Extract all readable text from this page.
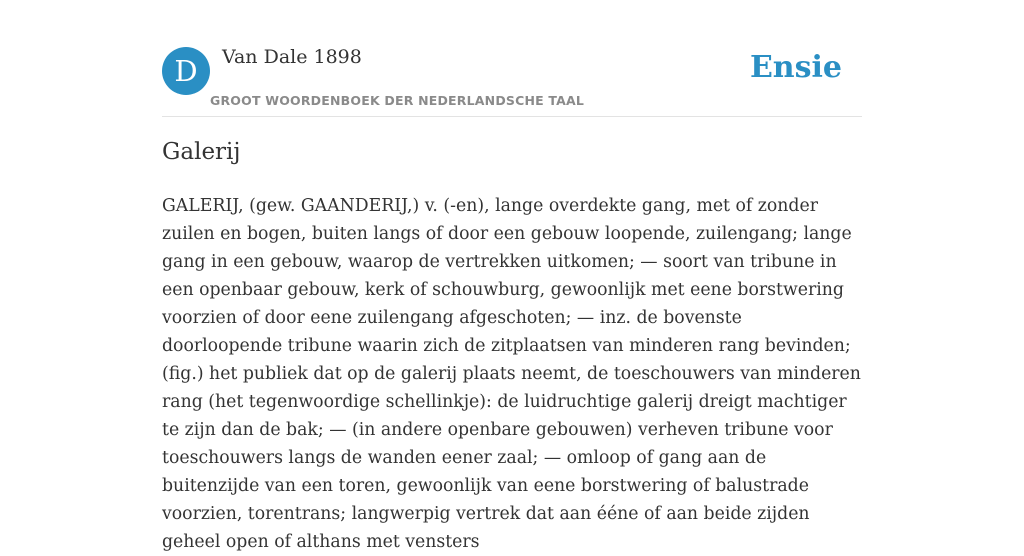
D	Van Dale 1898
GROOT WOORDENBOEK DER NEDERLANDSCHE TAAL
Ensie
Galerij

GALERIJ, (gew. GAANDERIJ,) v. (-en), lange overdekte gang, met of zonder zuilen en bogen, buiten langs of door een gebouw loopende, zuilengang; lange gang in een gebouw, waarop de vertrekken uitkomen; — soort van tribune in een openbaar gebouw, kerk of schouwburg, gewoonlijk met eene borstwering voorzien of door eene zuilengang afgeschoten; — inz. de bovenste doorloopende tribune waarin zich de zitplaatsen van minderen rang bevinden; (fig.) het publiek dat op de galerij plaats neemt, de toeschouwers van minderen rang (het tegenwoordige schellinkje): de luidruchtige galerij dreigt machtiger te zijn dan de bak; — (in andere openbare gebouwen) verheven tribune voor toeschouwers langs de wanden eener zaal; — omloop of gang aan de buitenzijde van een toren, gewoonlijk van eene borstwering of balustrade voorzien, torentrans; langwerpig vertrek dat aan ééne of aan beide zijden geheel open of althans met vensters
